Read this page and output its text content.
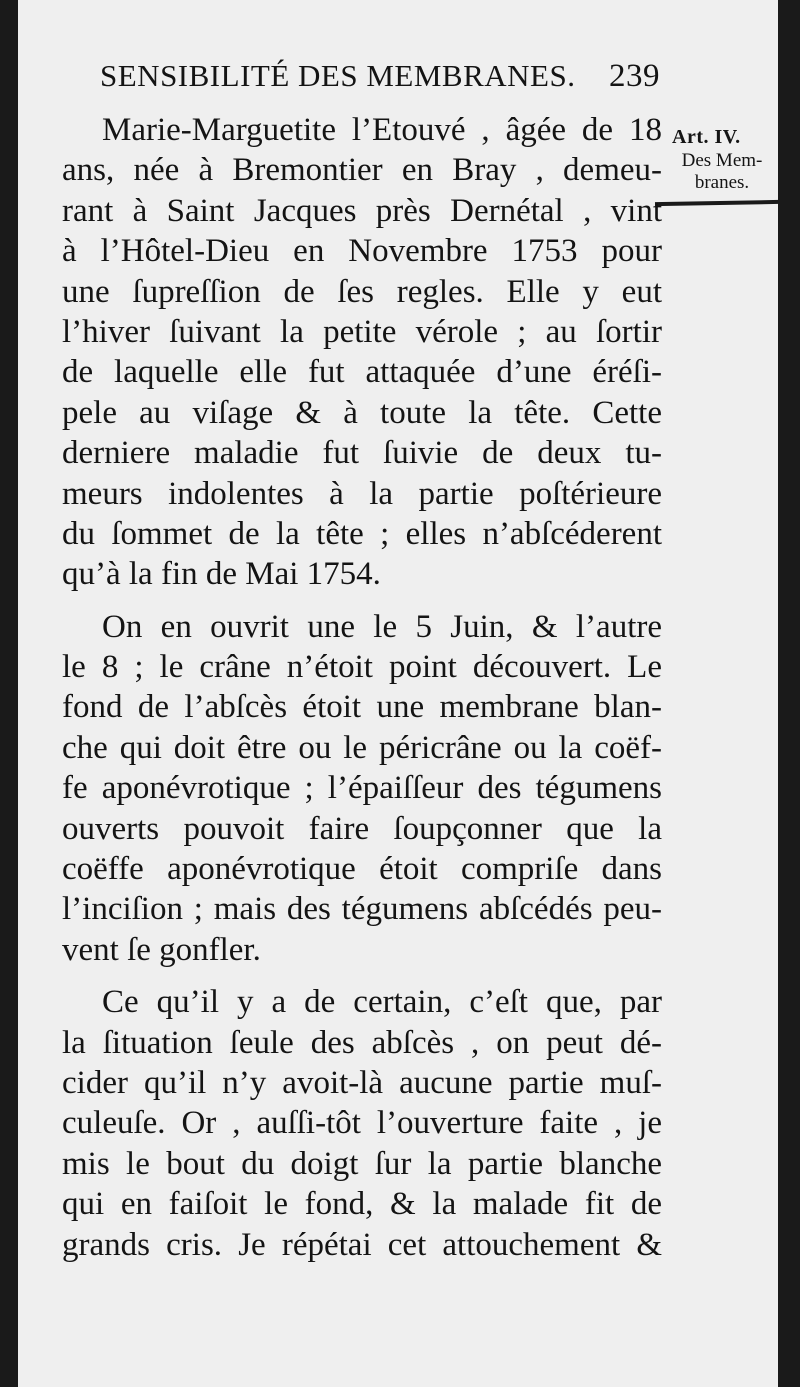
SENSIBILITÉ DES MEMBRANES. 239
Art. IV.
Des Mem-
branes.
Marie-Marguetite l’Etouvé , âgée de 18
ans, née à Bremontier en Bray , demeu-
rant à Saint Jacques près Dernétal , vint
à l’Hôtel-Dieu en Novembre 1753 pour
une ſupreſſion de ſes regles. Elle y eut
l’hiver ſuivant la petite vérole ; au ſortir
de laquelle elle fut attaquée d’une éréſi-
pele au viſage & à toute la tête. Cette
derniere maladie fut ſuivie de deux tu-
meurs indolentes à la partie poſtérieure
du ſommet de la tête ; elles n’abſcéderent
qu’à la fin de Mai 1754.
On en ouvrit une le 5 Juin, & l’autre
le 8 ; le crâne n’étoit point découvert. Le
fond de l’abſcès étoit une membrane blan-
che qui doit être ou le péricrâne ou la coëf-
fe aponévrotique ; l’épaiſſeur des tégumens
ouverts pouvoit faire ſoupçonner que la
coëffe aponévrotique étoit compriſe dans
l’inciſion ; mais des tégumens abſcédés peu-
vent ſe gonfler.
Ce qu’il y a de certain, c’eſt que, par
la ſituation ſeule des abſcès , on peut dé-
cider qu’il n’y avoit-là aucune partie muſ-
culeuſe. Or , auſſi-tôt l’ouverture faite , je
mis le bout du doigt ſur la partie blanche
qui en faiſoit le fond, & la malade fit de
grands cris. Je répétai cet attouchement &
